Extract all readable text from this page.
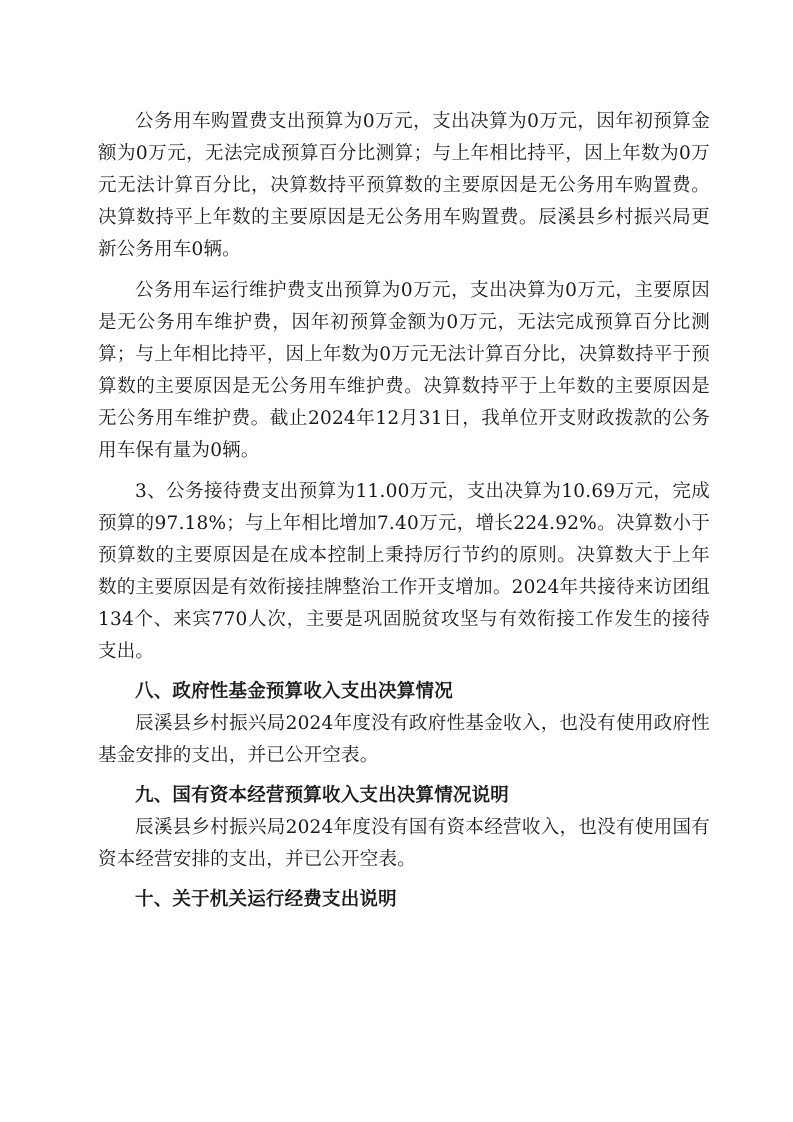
公务用车购置费支出预算为0万元，支出决算为0万元，因年初预算金额为0万元，无法完成预算百分比测算；与上年相比持平，因上年数为0万元无法计算百分比，决算数持平预算数的主要原因是无公务用车购置费。决算数持平上年数的主要原因是无公务用车购置费。辰溪县乡村振兴局更新公务用车0辆。

公务用车运行维护费支出预算为0万元，支出决算为0万元，主要原因是无公务用车维护费，因年初预算金额为0万元，无法完成预算百分比测算；与上年相比持平，因上年数为0万元无法计算百分比，决算数持平于预算数的主要原因是无公务用车维护费。决算数持平于上年数的主要原因是无公务用车维护费。截止2024年12月31日，我单位开支财政拨款的公务用车保有量为0辆。

3、公务接待费支出预算为11.00万元，支出决算为10.69万元，完成预算的97.18%；与上年相比增加7.40万元，增长224.92%。决算数小于预算数的主要原因是在成本控制上秉持厉行节约的原则。决算数大于上年数的主要原因是有效衔接挂牌整治工作开支增加。2024年共接待来访团组134个、来宾770人次，主要是巩固脱贫攻坚与有效衔接工作发生的接待支出。

八、政府性基金预算收入支出决算情况

辰溪县乡村振兴局2024年度没有政府性基金收入，也没有使用政府性基金安排的支出，并已公开空表。

九、国有资本经营预算收入支出决算情况说明

辰溪县乡村振兴局2024年度没有国有资本经营收入，也没有使用国有资本经营安排的支出，并已公开空表。

十、关于机关运行经费支出说明
